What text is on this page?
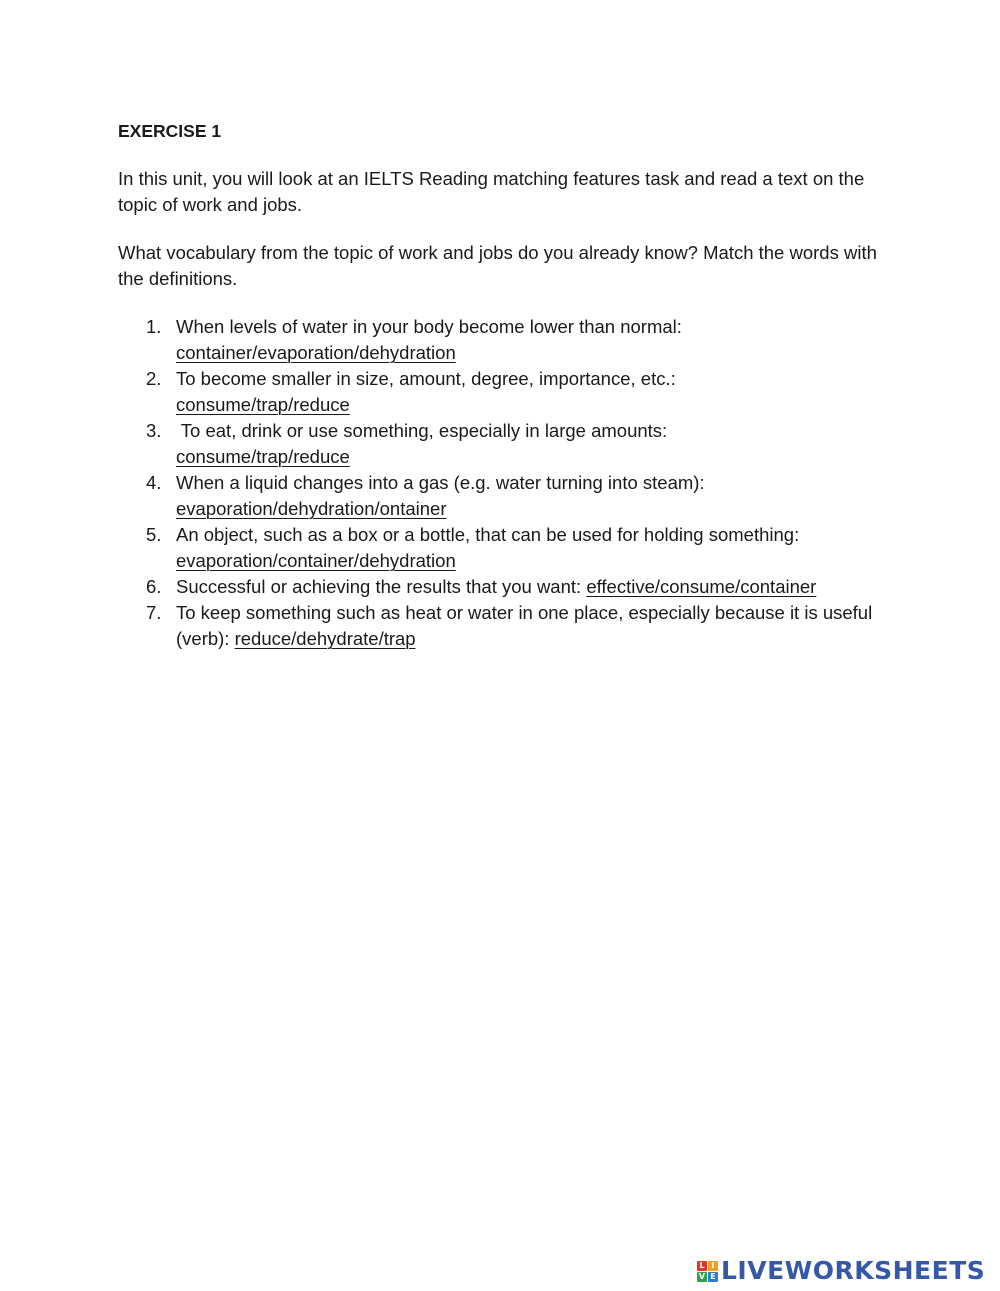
EXERCISE 1

In this unit, you will look at an IELTS Reading matching features task and read a text on the topic of work and jobs.

What vocabulary from the topic of work and jobs do you already know? Match the words with the definitions.

1. When levels of water in your body become lower than normal:
container/evaporation/dehydration
2. To become smaller in size, amount, degree, importance, etc.:
consume/trap/reduce
3. To eat, drink or use something, especially in large amounts:
consume/trap/reduce
4. When a liquid changes into a gas (e.g. water turning into steam):
evaporation/dehydration/ontainer
5. An object, such as a box or a bottle, that can be used for holding something:
evaporation/container/dehydration
6. Successful or achieving the results that you want: effective/consume/container
7. To keep something such as heat or water in one place, especially because it is useful (verb): reduce/dehydrate/trap
L I
V E LIVEWORKSHEETS
